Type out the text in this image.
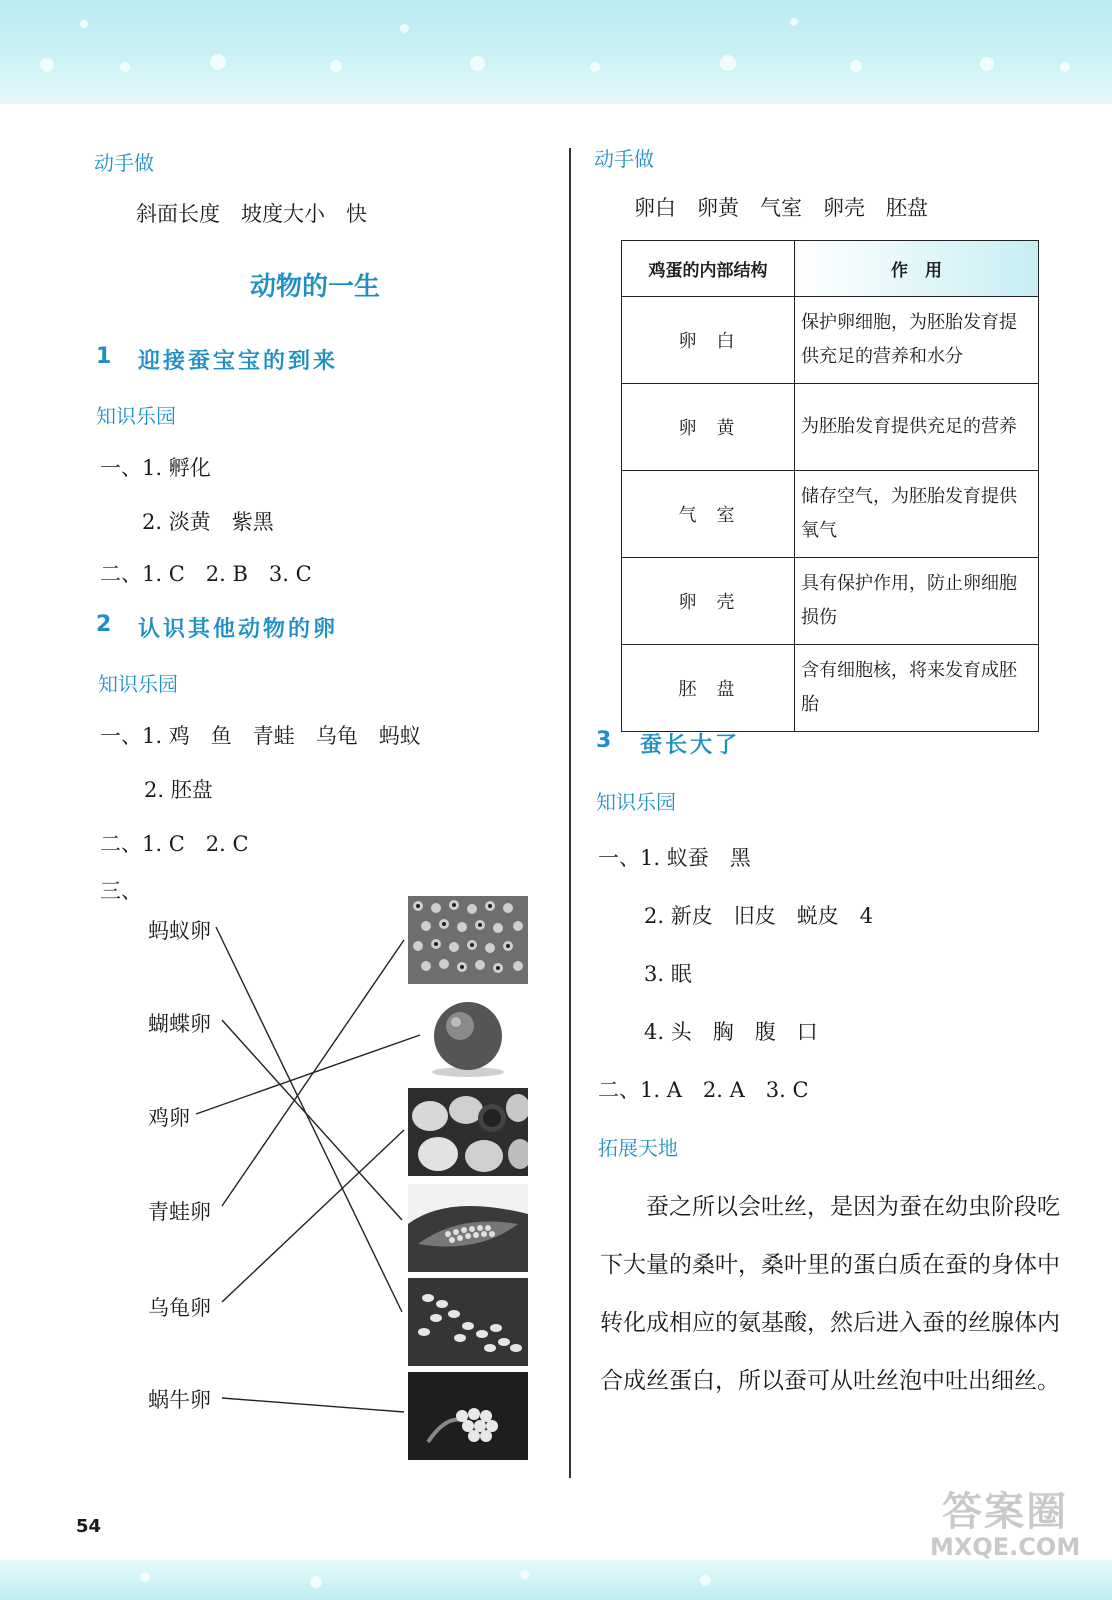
动手做
斜面长度　坡度大小　快
动物的一生
1 迎接蚕宝宝的到来
知识乐园
一、1. 孵化
2. 淡黄　紫黑
二、1. C　2. B　3. C
2 认识其他动物的卵
知识乐园
一、1. 鸡　鱼　青蛙　乌龟　蚂蚁
2. 胚盘
二、1. C　2. C
三、
蚂蚁卵
蝴蝶卵
鸡卵
青蛙卵
乌龟卵
蜗牛卵
动手做
卵白　卵黄　气室　卵壳　胚盘
鸡蛋的内部结构	作　用
卵白	保护卵细胞，为胚胎发育提供充足的营养和水分
卵黄	为胚胎发育提供充足的营养
气室	储存空气，为胚胎发育提供氧气
卵壳	具有保护作用，防止卵细胞损伤
胚盘	含有细胞核，将来发育成胚胎
3 蚕长大了
知识乐园
一、1. 蚁蚕　黑
2. 新皮　旧皮　蜕皮　4
3. 眠
4. 头　胸　腹　口
二、1. A　2. A　3. C
拓展天地

蚕之所以会吐丝，是因为蚕在幼虫阶段吃下大量的桑叶，桑叶里的蛋白质在蚕的身体中转化成相应的氨基酸，然后进入蚕的丝腺体内合成丝蛋白，所以蚕可从吐丝泡中吐出细丝。

54	答案圈
MXQE.COM
